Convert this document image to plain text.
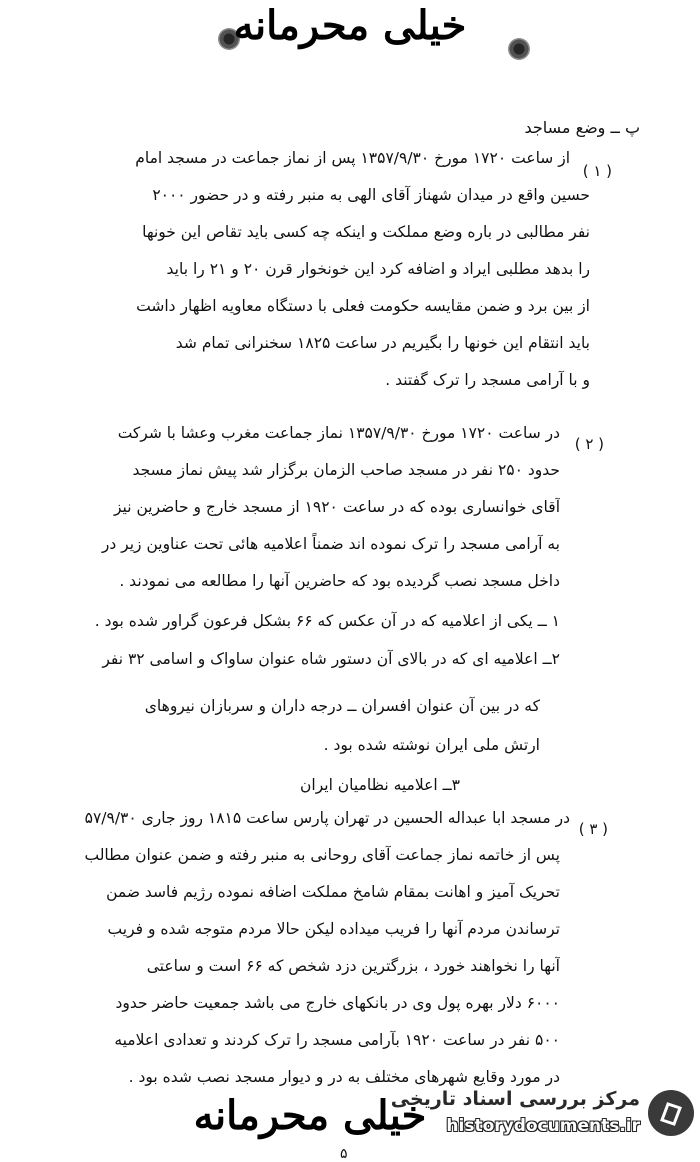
خیلی محرمانه
پ ــ وضع مساجد
( ۱ )
از ساعت ۱۷۲۰ مورخ ۱۳۵۷/۹/۳۰ پس از نماز جماعت در مسجد امام
حسین واقع در میدان شهناز آقای الهی به منبر رفته و در حضور ۲۰۰۰
نفر مطالبی در باره وضع مملکت و اینکه چه کسی باید تقاص این خونها
را بدهد مطلبی ایراد و اضافه کرد این خونخوار قرن ۲۰ و ۲۱ را باید
از بین برد و ضمن مقایسه حکومت فعلی با دستگاه معاویه اظهار داشت
باید انتقام این خونها را بگیریم در ساعت ۱۸۲۵ سخنرانی تمام شد
و با آرامی مسجد را ترک گفتند .
( ۲ )
در ساعت ۱۷۲۰ مورخ ۱۳۵۷/۹/۳۰ نماز جماعت مغرب وعشا با شرکت
حدود ۲۵۰ نفر در مسجد صاحب الزمان برگزار شد پیش نماز مسجد
آقای خوانساری بوده که در ساعت ۱۹۲۰ از مسجد خارج و حاضرین نیز
به آرامی مسجد را ترک نموده اند ضمناً اعلامیه هائی تحت عناوین زیر در
داخل مسجد نصب گردیده بود که حاضرین آنها را مطالعه می نمودند .
۱ ــ یکی از اعلامیه که در آن عکس که ۶۶ بشکل فرعون گراور شده بود .
۲ــ اعلامیه ای که در بالای آن دستور شاه عنوان ساواک و اسامی ۳۲ نفر
که در بین آن عنوان افسران ــ درجه داران و سربازان نیروهای
ارتش ملی ایران نوشته شده بود .
۳ــ اعلامیه نظامیان ایران
( ۳ )
در مسجد ابا عبداله الحسین در تهران پارس ساعت ۱۸۱۵ روز جاری ۵۷/۹/۳۰
پس از خاتمه نماز جماعت آقای روحانی به منبر رفته و ضمن عنوان مطالب
تحریک آمیز و اهانت بمقام شامخ مملکت اضافه نموده رژیم فاسد ضمن
ترساندن مردم آنها را فریب میداده لیکن حالا مردم متوجه شده و فریب
آنها را نخواهند خورد ، بزرگترین دزد شخص که ۶۶ است و ساعتی
۶۰۰۰ دلار بهره پول وی در بانکهای خارج می باشد جمعیت حاضر حدود
۵۰۰ نفر در ساعت ۱۹۲۰ بآرامی مسجد را ترک کردند و تعدادی اعلامیه
در مورد وقایع شهرهای مختلف به در و دیوار مسجد نصب شده بود .
خیلی محرمانه
۵
مرکز بررسی اسناد تاریخی
historydocuments.ir
